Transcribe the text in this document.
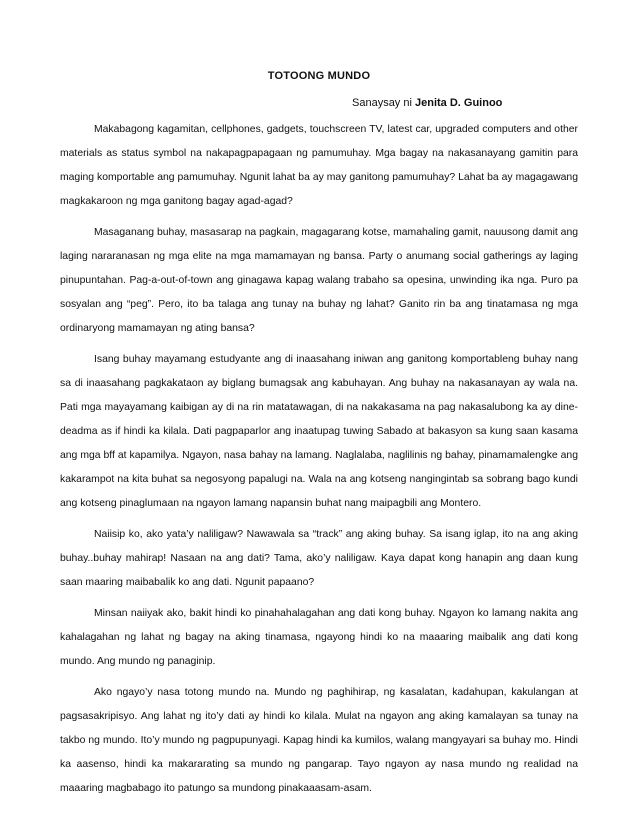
TOTOONG MUNDO
Sanaysay ni Jenita D. Guinoo

Makabagong kagamitan, cellphones, gadgets, touchscreen TV, latest car, upgraded computers and other materials as status symbol na nakapagpapagaan ng pamumuhay. Mga bagay na nakasanayang gamitin para maging komportable ang pamumuhay. Ngunit lahat ba ay may ganitong pamumuhay? Lahat ba ay magagawang magkakaroon ng mga ganitong bagay agad-agad?

Masaganang buhay, masasarap na pagkain, magagarang kotse, mamahaling gamit, nauusong damit ang laging nararanasan ng mga elite na mga mamamayan ng bansa. Party o anumang social gatherings ay laging pinupuntahan. Pag-a-out-of-town ang ginagawa kapag walang trabaho sa opesina, unwinding ika nga. Puro pa sosyalan ang “peg”. Pero, ito ba talaga ang tunay na buhay ng lahat? Ganito rin ba ang tinatamasa ng mga ordinaryong mamamayan ng ating bansa?

Isang buhay mayamang estudyante ang di inaasahang iniwan ang ganitong komportableng buhay nang sa di inaasahang pagkakataon ay biglang bumagsak ang kabuhayan. Ang buhay na nakasanayan ay wala na. Pati mga mayayamang kaibigan ay di na rin matatawagan, di na nakakasama na pag nakasalubong ka ay dine-deadma as if hindi ka kilala. Dati pagpaparlor ang inaatupag tuwing Sabado at bakasyon sa kung saan kasama ang mga bff at kapamilya. Ngayon, nasa bahay na lamang. Naglalaba, naglilinis ng bahay, pinamamalengke ang kakarampot na kita buhat sa negosyong papalugi na. Wala na ang kotseng nangingintab sa sobrang bago kundi ang kotseng pinaglumaan na ngayon lamang napansin buhat nang maipagbili ang Montero.

Naiisip ko, ako yata’y naliligaw? Nawawala sa “track” ang aking buhay. Sa isang iglap, ito na ang aking buhay..buhay mahirap! Nasaan na ang dati? Tama, ako’y naliligaw. Kaya dapat kong hanapin ang daan kung saan maaring maibabalik ko ang dati. Ngunit papaano?

Minsan naiiyak ako, bakit hindi ko pinahahalagahan ang dati kong buhay. Ngayon ko lamang nakita ang kahalagahan ng lahat ng bagay na aking tinamasa, ngayong hindi ko na maaaring maibalik ang dati kong mundo. Ang mundo ng panaginip.

Ako ngayo’y nasa totong mundo na. Mundo ng paghihirap, ng kasalatan, kadahupan, kakulangan at pagsasakripisyo. Ang lahat ng ito’y dati ay hindi ko kilala. Mulat na ngayon ang aking kamalayan sa tunay na takbo ng mundo. Ito’y mundo ng pagpupunyagi. Kapag hindi ka kumilos, walang mangyayari sa buhay mo. Hindi ka aasenso, hindi ka makararating sa mundo ng pangarap. Tayo ngayon ay nasa mundo ng realidad na maaaring magbabago ito patungo sa mundong pinakaaasam-asam.
